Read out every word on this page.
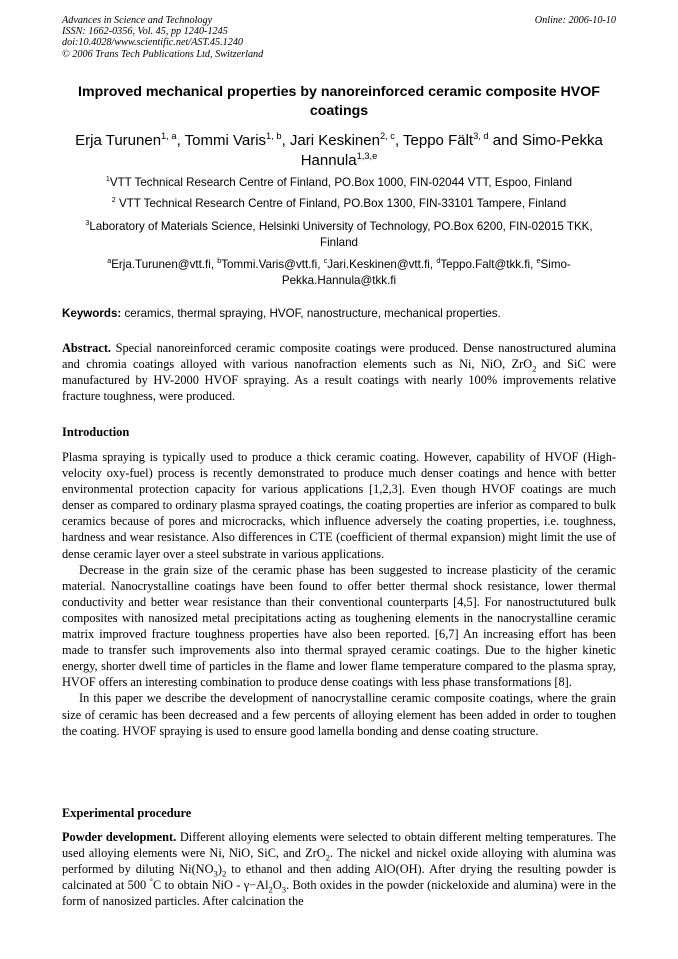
Advances in Science and Technology
ISSN: 1662-0356, Vol. 45, pp 1240-1245
doi:10.4028/www.scientific.net/AST.45.1240
© 2006 Trans Tech Publications Ltd, Switzerland
Online: 2006-10-10
Improved mechanical properties by nanoreinforced ceramic composite HVOF coatings
Erja Turunen$^{1, a}$, Tommi Varis$^{1, b}$, Jari Keskinen$^{2, c}$, Teppo Fält$^{3, d}$ and Simo-Pekka Hannula$^{1,3,e}$
$^1$VTT Technical Research Centre of Finland, PO.Box 1000, FIN-02044 VTT, Espoo, Finland
$^2$ VTT Technical Research Centre of Finland, PO.Box 1300, FIN-33101 Tampere, Finland
$^3$Laboratory of Materials Science, Helsinki University of Technology, PO.Box 6200, FIN-02015 TKK, Finland
$^a$Erja.Turunen@vtt.fi, $^b$Tommi.Varis@vtt.fi, $^c$Jari.Keskinen@vtt.fi, $^d$Teppo.Falt@tkk.fi, $^e$Simo-Pekka.Hannula@tkk.fi
Keywords: ceramics, thermal spraying, HVOF, nanostructure, mechanical properties.

Abstract. Special nanoreinforced ceramic composite coatings were produced. Dense nanostructured alumina and chromia coatings alloyed with various nanofraction elements such as Ni, NiO, ZrO$_2$ and SiC were manufactured by HV-2000 HVOF spraying. As a result coatings with nearly 100% improvements relative fracture toughness, were produced.

Introduction

Plasma spraying is typically used to produce a thick ceramic coating. However, capability of HVOF (High-velocity oxy-fuel) process is recently demonstrated to produce much denser coatings and hence with better environmental protection capacity for various applications [1,2,3]. Even though HVOF coatings are much denser as compared to ordinary plasma sprayed coatings, the coating properties are inferior as compared to bulk ceramics because of pores and microcracks, which influence adversely the coating properties, i.e. toughness, hardness and wear resistance. Also differences in CTE (coefficient of thermal expansion) might limit the use of dense ceramic layer over a steel substrate in various applications.

Decrease in the grain size of the ceramic phase has been suggested to increase plasticity of the ceramic material. Nanocrystalline coatings have been found to offer better thermal shock resistance, lower thermal conductivity and better wear resistance than their conventional counterparts [4,5]. For nanostructutured bulk composites with nanosized metal precipitations acting as toughening elements in the nanocrystalline ceramic matrix improved fracture toughness properties have also been reported. [6,7] An increasing effort has been made to transfer such improvements also into thermal sprayed ceramic coatings. Due to the higher kinetic energy, shorter dwell time of particles in the flame and lower flame temperature compared to the plasma spray, HVOF offers an interesting combination to produce dense coatings with less phase transformations [8].

In this paper we describe the development of nanocrystalline ceramic composite coatings, where the grain size of ceramic has been decreased and a few percents of alloying element has been added in order to toughen the coating. HVOF spraying is used to ensure good lamella bonding and dense coating structure.

Experimental procedure

Powder development. Different alloying elements were selected to obtain different melting temperatures. The used alloying elements were Ni, NiO, SiC, and ZrO$_2$. The nickel and nickel oxide alloying with alumina was performed by diluting $Ni(NO_3)_2$ to ethanol and then adding AlO(OH). After drying the resulting powder is calcinated at 500 °C to obtain NiO - $\gamma-Al_2O_3$. Both oxides in the powder (nickeloxide and alumina) were in the form of nanosized particles. After calcination the
